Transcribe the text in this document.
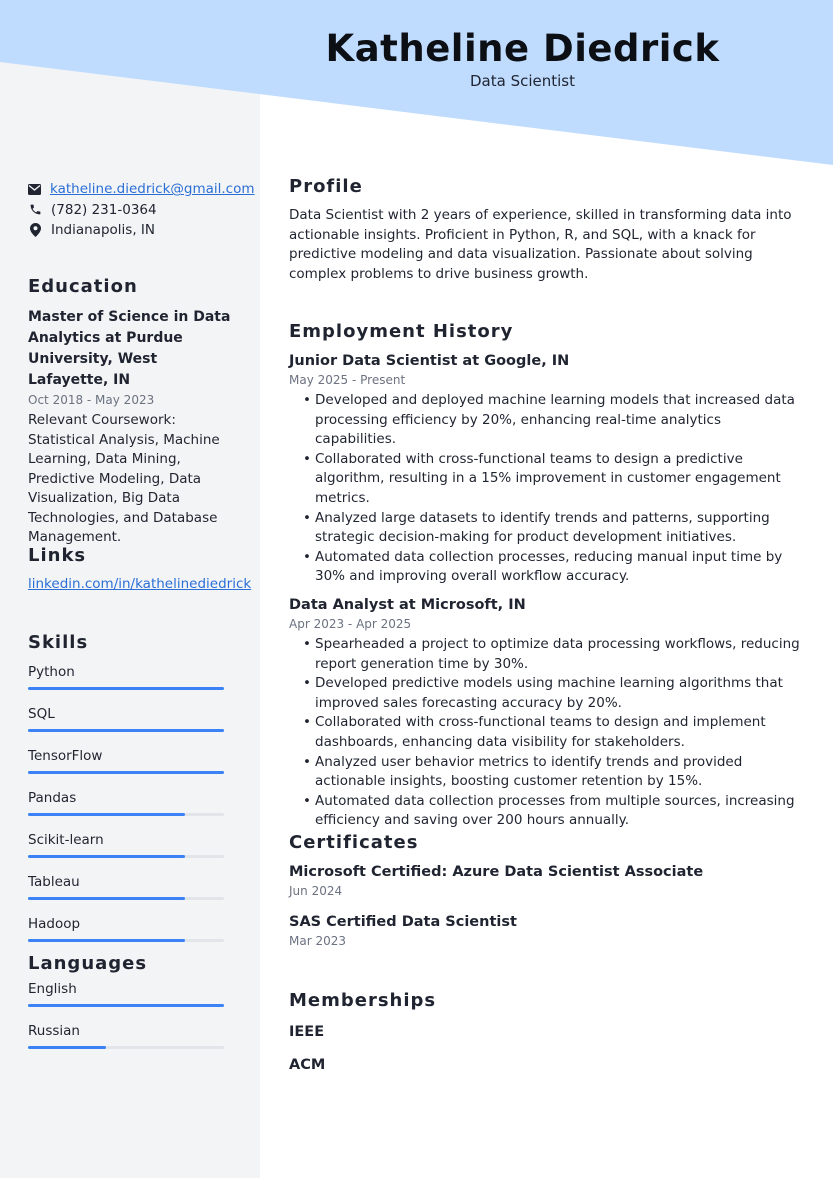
Katheline Diedrick
Data Scientist
katheline.diedrick@gmail.com
(782) 231-0364
Indianapolis, IN
Education
Master of Science in Data Analytics at Purdue University, West Lafayette, IN
Oct 2018 - May 2023
Relevant Coursework: Statistical Analysis, Machine Learning, Data Mining, Predictive Modeling, Data Visualization, Big Data Technologies, and Database Management.
Links
linkedin.com/in/kathelinediedrick
Skills
Python
SQL
TensorFlow
Pandas
Scikit-learn
Tableau
Hadoop
Languages
English
Russian
Profile
Data Scientist with 2 years of experience, skilled in transforming data into actionable insights. Proficient in Python, R, and SQL, with a knack for predictive modeling and data visualization. Passionate about solving complex problems to drive business growth.
Employment History
Junior Data Scientist at Google, IN
May 2025 - Present
• Developed and deployed machine learning models that increased data processing efficiency by 20%, enhancing real-time analytics capabilities.
• Collaborated with cross-functional teams to design a predictive algorithm, resulting in a 15% improvement in customer engagement metrics.
• Analyzed large datasets to identify trends and patterns, supporting strategic decision-making for product development initiatives.
• Automated data collection processes, reducing manual input time by 30% and improving overall workflow accuracy.
Data Analyst at Microsoft, IN
Apr 2023 - Apr 2025
• Spearheaded a project to optimize data processing workflows, reducing report generation time by 30%.
• Developed predictive models using machine learning algorithms that improved sales forecasting accuracy by 20%.
• Collaborated with cross-functional teams to design and implement dashboards, enhancing data visibility for stakeholders.
• Analyzed user behavior metrics to identify trends and provided actionable insights, boosting customer retention by 15%.
• Automated data collection processes from multiple sources, increasing efficiency and saving over 200 hours annually.
Certificates
Microsoft Certified: Azure Data Scientist Associate
Jun 2024
SAS Certified Data Scientist
Mar 2023
Memberships
IEEE
ACM
